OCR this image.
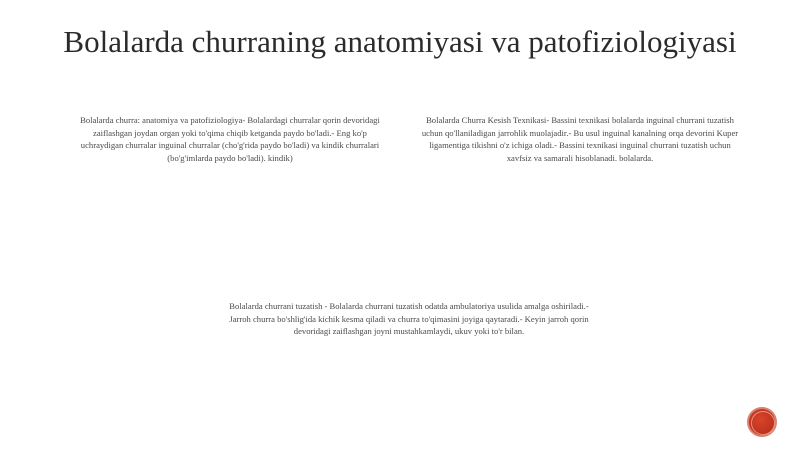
Bolalarda churraning anatomiyasi va patofiziologiyasi
Bolalarda churra: anatomiya va patofiziologiya- Bolalardagi churralar qorin devoridagi zaiflashgan joydan organ yoki to'qima chiqib ketganda paydo bo'ladi.- Eng ko'p uchraydigan churralar inguinal churralar (cho'g'rida paydo bo'ladi) va kindik churralari (bo'g'imlarda paydo bo'ladi). kindik)
Bolalarda Churra Kesish Texnikasi- Bassini texnikasi bolalarda inguinal churrani tuzatish uchun qo'llaniladigan jarrohlik muolajadir.- Bu usul inguinal kanalning orqa devorini Kuper ligamentiga tikishni o'z ichiga oladi.- Bassini texnikasi inguinal churrani tuzatish uchun xavfsiz va samarali hisoblanadi. bolalarda.
Bolalarda churrani tuzatish - Bolalarda churrani tuzatish odatda ambulatoriya usulida amalga oshiriladi.- Jarroh churra bo'shlig'ida kichik kesma qiladi va churra to'qimasini joyiga qaytaradi.- Keyin jarroh qorin devoridagi zaiflashgan joyni mustahkamlaydi, ukuv yoki to'r bilan.
